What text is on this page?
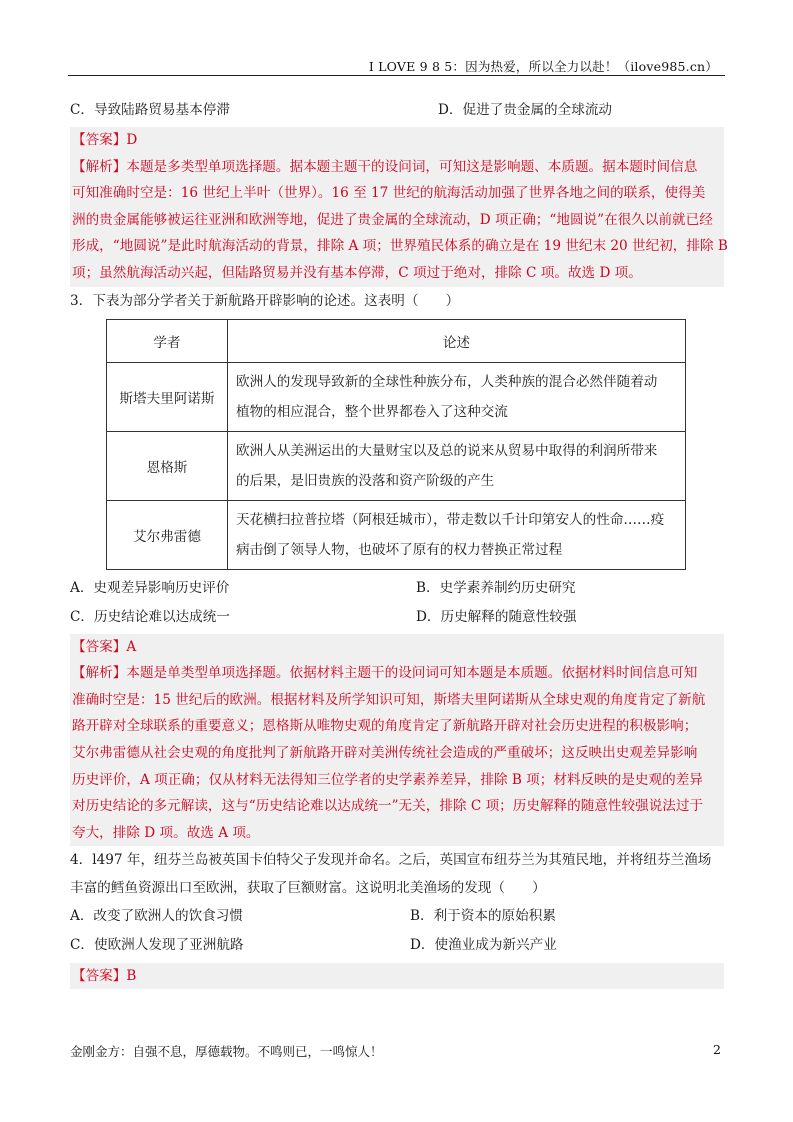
I LOVE 9 8 5：因为热爱，所以全力以赴！（ilove985.cn）
C．导致陆路贸易基本停滞	D．促进了贵金属的全球流动
【答案】D
【解析】本题是多类型单项选择题。据本题主题干的设问词，可知这是影响题、本质题。据本题时间信息
可知准确时空是：16 世纪上半叶（世界）。16 至 17 世纪的航海活动加强了世界各地之间的联系，使得美
洲的贵金属能够被运往亚洲和欧洲等地，促进了贵金属的全球流动，D 项正确；“地圆说”在很久以前就已经
形成，“地圆说”是此时航海活动的背景，排除 A 项；世界殖民体系的确立是在 19 世纪末 20 世纪初，排除 B
项；虽然航海活动兴起，但陆路贸易并没有基本停滞，C 项过于绝对，排除 C 项。故选 D 项。
3．下表为部分学者关于新航路开辟影响的论述。这表明（　　）
学者	论述
斯塔夫里阿诺斯	欧洲人的发现导致新的全球性种族分布，人类种族的混合必然伴随着动
植物的相应混合，整个世界都卷入了这种交流

恩格斯	欧洲人从美洲运出的大量财宝以及总的说来从贸易中取得的利润所带来
的后果，是旧贵族的没落和资产阶级的产生

艾尔弗雷德	天花横扫拉普拉塔（阿根廷城市），带走数以千计印第安人的性命……疫
病击倒了领导人物，也破坏了原有的权力替换正常过程
A．史观差异影响历史评价	B．史学素养制约历史研究
C．历史结论难以达成统一	D．历史解释的随意性较强
【答案】A
【解析】本题是单类型单项选择题。依据材料主题干的设问词可知本题是本质题。依据材料时间信息可知
准确时空是：15 世纪后的欧洲。根据材料及所学知识可知，斯塔夫里阿诺斯从全球史观的角度肯定了新航
路开辟对全球联系的重要意义；恩格斯从唯物史观的角度肯定了新航路开辟对社会历史进程的积极影响；
艾尔弗雷德从社会史观的角度批判了新航路开辟对美洲传统社会造成的严重破坏；这反映出史观差异影响
历史评价，A 项正确；仅从材料无法得知三位学者的史学素养差异，排除 B 项；材料反映的是史观的差异
对历史结论的多元解读，这与“历史结论难以达成统一”无关，排除 C 项；历史解释的随意性较强说法过于
夸大，排除 D 项。故选 A 项。
4．l497 年，纽芬兰岛被英国卡伯特父子发现并命名。之后，英国宣布纽芬兰为其殖民地，并将纽芬兰渔场
丰富的鳕鱼资源出口至欧洲，获取了巨额财富。这说明北美渔场的发现（　　）
A．改变了欧洲人的饮食习惯	B．利于资本的原始积累
C．使欧洲人发现了亚洲航路	D．使渔业成为新兴产业
【答案】B
金刚金方：自强不息，厚德载物。不鸣则已，一鸣惊人！	2
